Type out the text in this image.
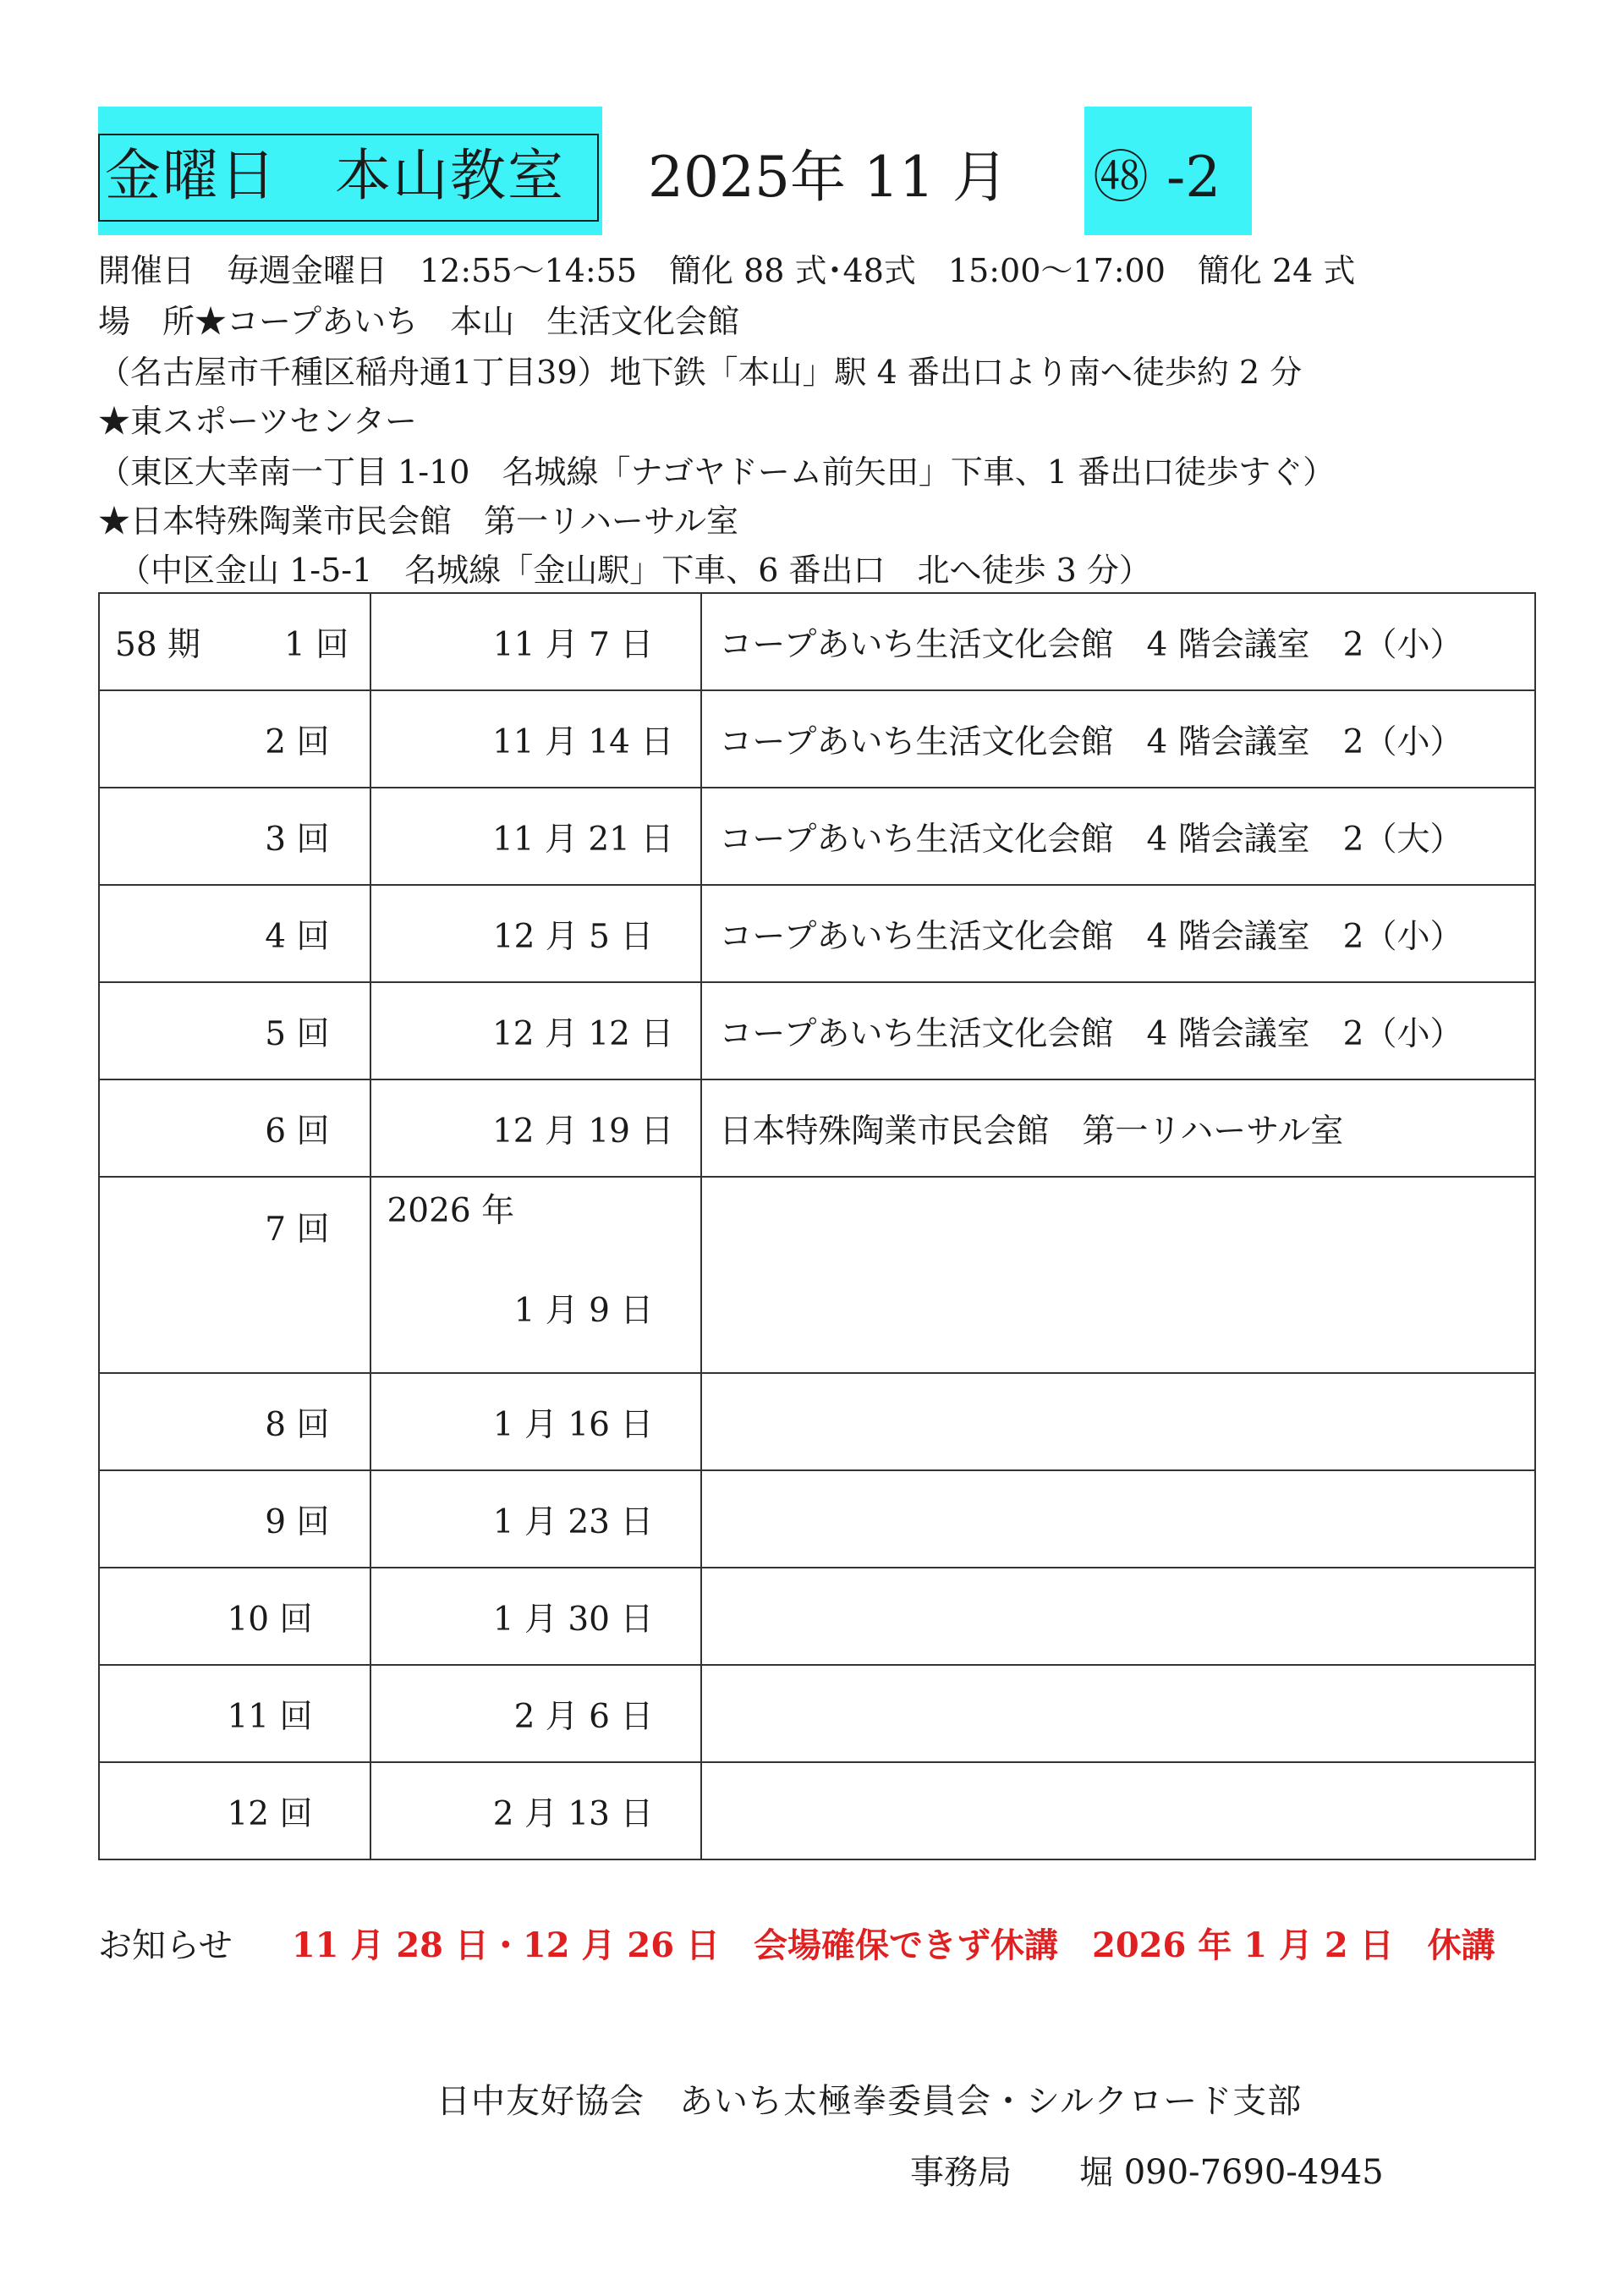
金曜日　本山教室	2025年 11 月 ㊽ -2
開催日　毎週金曜日　12:55～14:55　簡化 88 式･48式　15:00～17:00　簡化 24 式
場　所★コープあいち　本山　生活文化会館
（名古屋市千種区稲舟通1丁目39）地下鉄「本山」駅 4 番出口より南へ徒歩約 2 分
★東スポーツセンター
（東区大幸南一丁目 1-10　名城線「ナゴヤドーム前矢田」下車、1 番出口徒歩すぐ）
★日本特殊陶業市民会館　第一リハーサル室
（中区金山 1-5-1　名城線「金山駅」下車、6 番出口　北へ徒歩 3 分）
58 期 1 回	11 月 7 日	コープあいち生活文化会館　4 階会議室　2（小）
2 回	11 月 14 日	コープあいち生活文化会館　4 階会議室　2（小）
3 回	11 月 21 日	コープあいち生活文化会館　4 階会議室　2（大）
4 回	12 月 5 日	コープあいち生活文化会館　4 階会議室　2（小）
5 回	12 月 12 日	コープあいち生活文化会館　4 階会議室　2（小）
6 回	12 月 19 日	日本特殊陶業市民会館　第一リハーサル室
7 回	2026 年
1 月 9 日	

8 回	1 月 16 日	
9 回	1 月 23 日	
10 回	1 月 30 日	
11 回	2 月 6 日	
12 回	2 月 13 日	
お知らせ 11 月 28 日・12 月 26 日　会場確保できず休講　2026 年 1 月 2 日　休講
日中友好協会　あいち太極拳委員会・シルクロード支部
事務局 堀 090-7690-4945
